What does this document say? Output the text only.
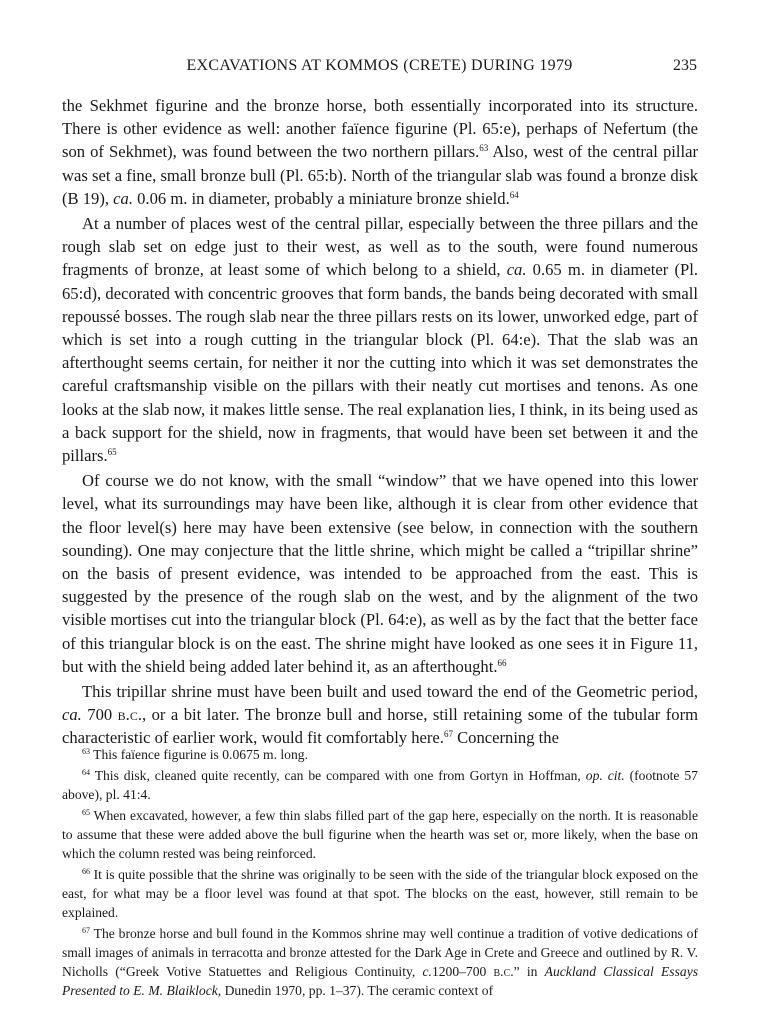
EXCAVATIONS AT KOMMOS (CRETE) DURING 1979	235

the Sekhmet figurine and the bronze horse, both essentially incorporated into its structure. There is other evidence as well: another faïence figurine (Pl. 65:e), perhaps of Nefertum (the son of Sekhmet), was found between the two northern pillars.$^{63}$ Also, west of the central pillar was set a fine, small bronze bull (Pl. 65:b). North of the triangular slab was found a bronze disk (B 19), ca. 0.06 m. in diameter, probably a miniature bronze shield.$^{64}$

At a number of places west of the central pillar, especially between the three pillars and the rough slab set on edge just to their west, as well as to the south, were found numerous fragments of bronze, at least some of which belong to a shield, ca. 0.65 m. in diameter (Pl. 65:d), decorated with concentric grooves that form bands, the bands being decorated with small repoussé bosses. The rough slab near the three pillars rests on its lower, unworked edge, part of which is set into a rough cutting in the triangular block (Pl. 64:e). That the slab was an afterthought seems certain, for neither it nor the cutting into which it was set demonstrates the careful craftsmanship visible on the pillars with their neatly cut mortises and tenons. As one looks at the slab now, it makes little sense. The real explanation lies, I think, in its being used as a back support for the shield, now in fragments, that would have been set between it and the pillars.$^{65}$

Of course we do not know, with the small “window” that we have opened into this lower level, what its surroundings may have been like, although it is clear from other evidence that the floor level(s) here may have been extensive (see below, in connection with the southern sounding). One may conjecture that the little shrine, which might be called a “tripillar shrine” on the basis of present evidence, was intended to be approached from the east. This is suggested by the presence of the rough slab on the west, and by the alignment of the two visible mortises cut into the triangular block (Pl. 64:e), as well as by the fact that the better face of this triangular block is on the east. The shrine might have looked as one sees it in Figure 11, but with the shield being added later behind it, as an afterthought.$^{66}$

This tripillar shrine must have been built and used toward the end of the Geometric period, ca. 700 b.c., or a bit later. The bronze bull and horse, still retaining some of the tubular form characteristic of earlier work, would fit comfortably here.$^{67}$ Concerning the

$^{63}$ This faïence figurine is 0.0675 m. long.

$^{64}$ This disk, cleaned quite recently, can be compared with one from Gortyn in Hoffman, op. cit. (footnote 57 above), pl. 41:4.

$^{65}$ When excavated, however, a few thin slabs filled part of the gap here, especially on the north. It is reasonable to assume that these were added above the bull figurine when the hearth was set or, more likely, when the base on which the column rested was being reinforced.

$^{66}$ It is quite possible that the shrine was originally to be seen with the side of the triangular block exposed on the east, for what may be a floor level was found at that spot. The blocks on the east, however, still remain to be explained.

$^{67}$ The bronze horse and bull found in the Kommos shrine may well continue a tradition of votive dedications of small images of animals in terracotta and bronze attested for the Dark Age in Crete and Greece and outlined by R. V. Nicholls (“Greek Votive Statuettes and Religious Continuity, c.1200–700 b.c.” in Auckland Classical Essays Presented to E. M. Blaiklock, Dunedin 1970, pp. 1–37). The ceramic context of
